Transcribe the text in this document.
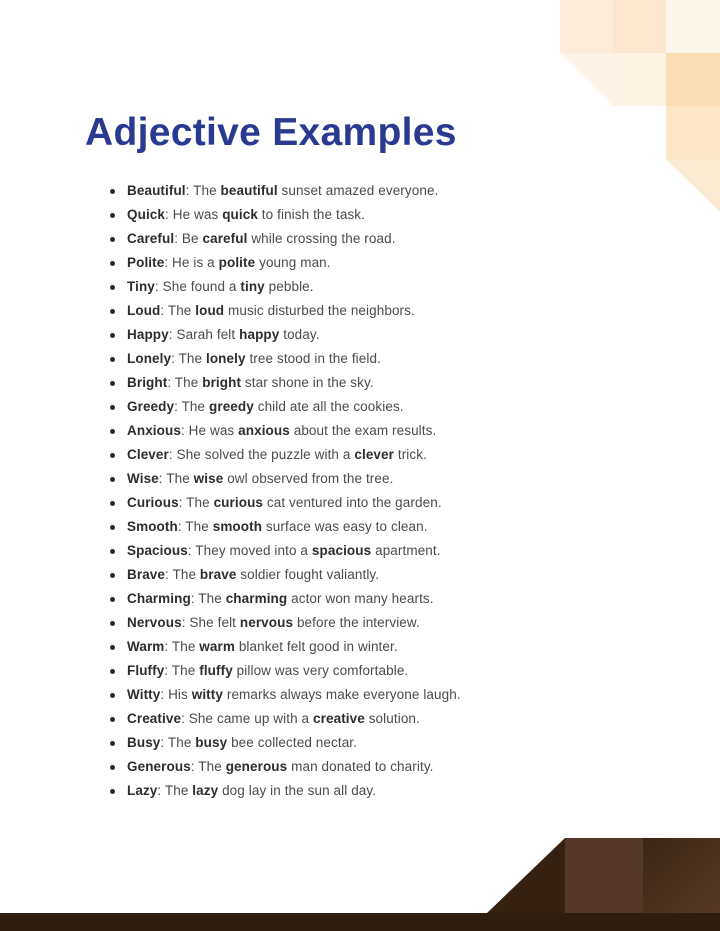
Adjective Examples
Beautiful: The beautiful sunset amazed everyone.
Quick: He was quick to finish the task.
Careful: Be careful while crossing the road.
Polite: He is a polite young man.
Tiny: She found a tiny pebble.
Loud: The loud music disturbed the neighbors.
Happy: Sarah felt happy today.
Lonely: The lonely tree stood in the field.
Bright: The bright star shone in the sky.
Greedy: The greedy child ate all the cookies.
Anxious: He was anxious about the exam results.
Clever: She solved the puzzle with a clever trick.
Wise: The wise owl observed from the tree.
Curious: The curious cat ventured into the garden.
Smooth: The smooth surface was easy to clean.
Spacious: They moved into a spacious apartment.
Brave: The brave soldier fought valiantly.
Charming: The charming actor won many hearts.
Nervous: She felt nervous before the interview.
Warm: The warm blanket felt good in winter.
Fluffy: The fluffy pillow was very comfortable.
Witty: His witty remarks always make everyone laugh.
Creative: She came up with a creative solution.
Busy: The busy bee collected nectar.
Generous: The generous man donated to charity.
Lazy: The lazy dog lay in the sun all day.
